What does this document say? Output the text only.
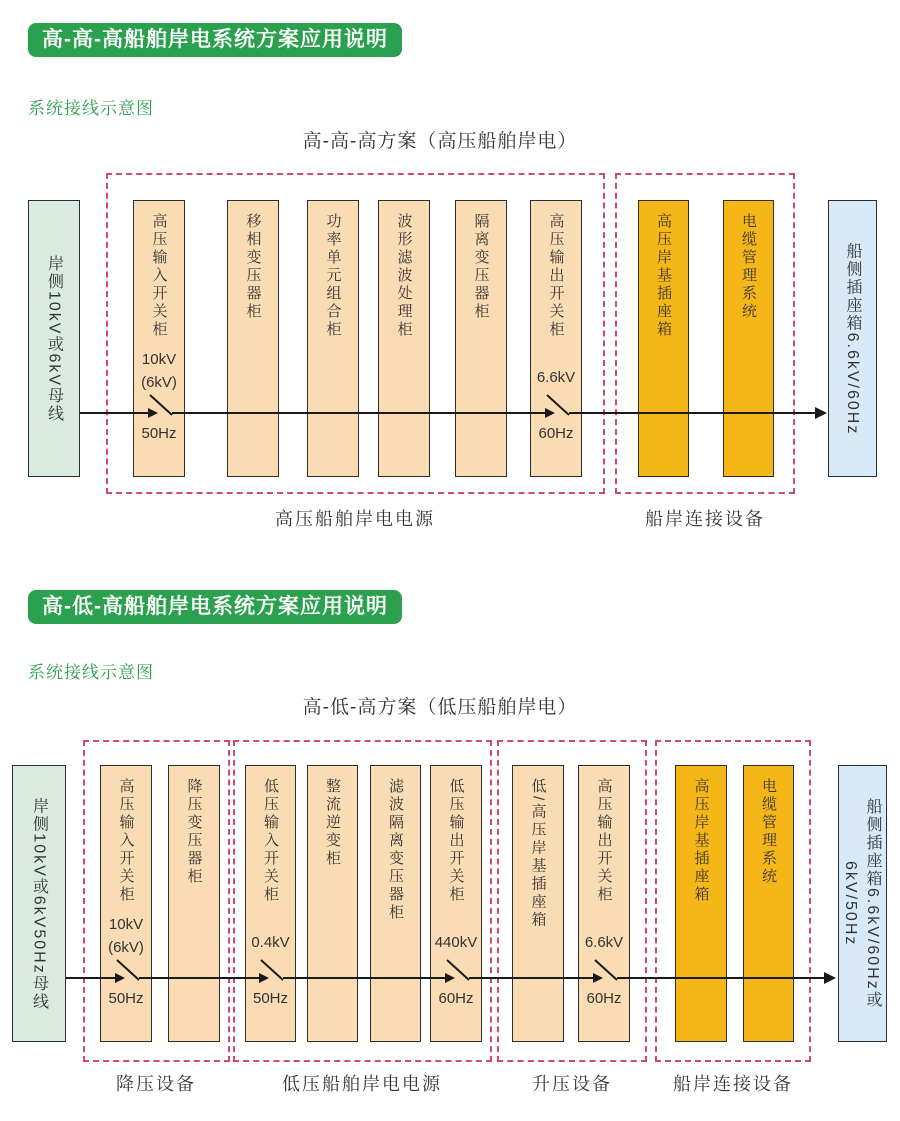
高-高-高船舶岸电系统方案应用说明
系统接线示意图
高-高-高方案（高压船舶岸电）
岸侧10kV或6kV母线	高压输入开关柜
10kV
(6kV)
50Hz
移相变压器柜	功率单元组合柜	波形滤波处理柜	隔离变压器柜	高压输出开关柜
6.6kV
60Hz
高压岸基插座箱	电缆管理系统	船侧插座箱6.6kV/60Hz
高压船舶岸电电源	船岸连接设备
高-低-高船舶岸电系统方案应用说明
系统接线示意图
高-低-高方案（低压船舶岸电）
岸侧10kV或6kV50Hz母线	高压输入开关柜
10kV
(6kV)
50Hz
降压变压器柜	低压输入开关柜
0.4kV
50Hz
整流逆变柜	滤波隔离变压器柜	低压输出开关柜
440kV
60Hz
低/高压岸基插座箱	高压输出开关柜
6.6kV
60Hz
高压岸基插座箱	电缆管理系统	船侧插座箱6.6kV/60Hz或
6kV/50Hz
降压设备	低压船舶岸电电源	升压设备	船岸连接设备
